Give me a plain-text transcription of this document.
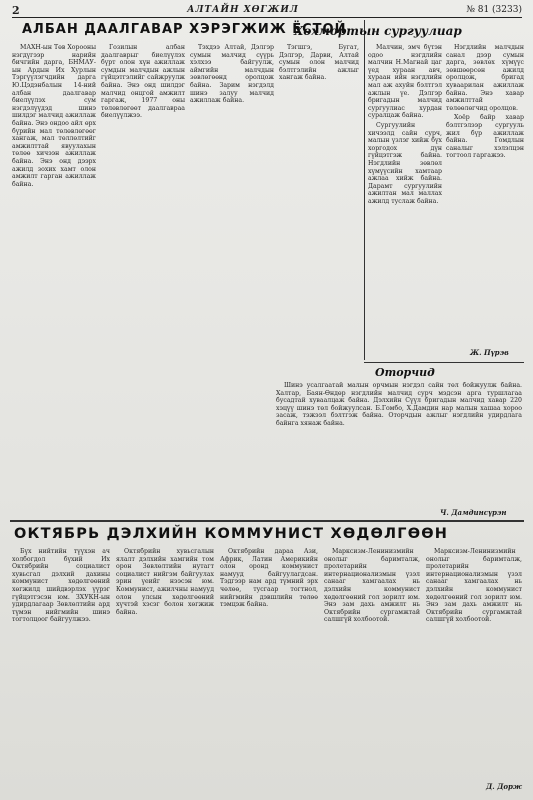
2	АЛТАЙН ХӨГЖИЛ	№ 81 (3233)
АЛБАН ДААЛГАВАР ХЭРЭГЖИЖ ЁСТОЙ

МАХН-ын Төв Хорооны нэгдүгээр нарийн бичгийн дарга, БНМАУ-ын Ардын Их Хурлын Тэргүүлэгчдийн дарга Ю.Цэдэнбалын 14-ний албан даалгавар биелүүлэх сум нэгдэлүүдэд шинэ шилдэг малчид ажиллаж байна. Энэ ондоо айл өрх бүрийн мал төлөвлөгөөг хангаж, мал төллөлтийг амжилттай явуулахын төлөө хичээн ажиллаж байна. Энэ онд дээрх ажилд зохих хамт олон амжилт гарган ажиллаж байна.

Гозилын албан даалгаврыг биелүүлэх бүрт олон хүн ажиллаж сумдын малчдын ажлын гүйцэтгэлийг сайжруулж байна. Энэ онд шилдэг малчид онцгой амжилт гаргаж, 1977 оны төлөвлөгөөт даалгавраа биелүүлжээ.

Тэхдээ Алтай, Дэлгэр сумын малчид сүүрь хэлхээ байгуулж, аймгийн малчдын зөвлөгөөнд оролцож байна. Зарим нэгдэлд шинэ залуу малчид ажиллаж байна.

Тэгшгэ, Бугат, Дэлгэр, Дарви, Алтай сумын олон малчид бэлтгэлийн ажлыг хангаж байна.

Хөхмортын сургуулиар

Малчин, эмч бүтэн одоо нэгдлийн малчин Н.Магнай цаг үед хураан авч, хураан ийн нэгдлийн мал аж ахуйн бэлтгэл ажлын үе. Дэлгэр бригадын малчид сургуулиас хурдан суралцаж байна.

Сургуулийн хичээлд сайн сурч, малын үзлэг хийж бүх хоргодох дүн гүйцэтгэж байна. Нэгдлийн зөвлөл хүмүүсийн хамтаар ажлаа хийж байна. Дарамт сургуулийн ажилтан мал маллах ажилд туслаж байна.

Нэгдлийн малчдын санал дээр сумын дарга, зөвлөх хүмүүс зөвшөөрсөн ажилд оролцож, бригад хуваарилан ажиллаж байна. Энэ хавар амжилттай төлөөлөгчид оролцов.

Хоёр байр хавар бэлтгэлээр сургууль жил бүр ажиллаж байна. Гомдлын саналыг хэлэлцэн тогтоол гаргажээ.

Ж. Пүрэв
Оторчид

Шинэ усалгаатай малын орчмын нэгдэл сайн төл бойжуулж байна. Халтар, Баян-Өндөр нэгдлийн малчид сурч мэдсэн арга туршлагаа бусадтай хуваалцаж байна. Дэлхийн Сүүл бригадын малчид хавар 220 хэцүү шинэ төл бойжуулсан. Б.Гомбо, Х.Дамдин нар малын хашаа хороо засаж, тэжээл бэлтгэж байна. Оторчдын ажлыг нэгдлийн удирдлага байнга хянаж байна.

Ч. Дамдинсүрэн
ОКТЯБРЬ ДЭЛХИЙН КОММУНИСТ ХӨДӨЛГӨӨН

Бүх нийтийн түүхэн ач холбогдол бүхий Их Октябрийн социалист хувьсгал дэлхий дахины коммунист хөдөлгөөний хөгжилд шийдвэрлэх үүрэг гүйцэтгэсэн юм. ЗХУКН-ын удирдлагаар Зөвлөлтийн ард түмэн нийгмийн шинэ тогтолцоог байгуулжээ.

Октябрийн хувьсгалын ялалт дэлхийн хамгийн том орон Зөвлөлтийн нутагт социалист нийгэм байгуулах эрин үеийг нээсэн юм. Коммунист, ажилчны намууд олон улсын хөдөлгөөний хүчтэй хэсэг болон хөгжиж байна.

Октябрийн дараа Ази, Африк, Латин Америкийн олон оронд коммунист намууд байгуулагдсан. Тэдгээр нам ард түмний эрх чөлөө, тусгаар тогтнол, нийгмийн дэвшлийн төлөө тэмцэж байна.

Марксизм-Ленинизмийн онолыг баримталж, пролетарийн интернационализмын үзэл санааг хамгаалах нь дэлхийн коммунист хөдөлгөөний гол зорилт юм. Энэ зам дахь амжилт нь Октябрийн сургамжтай салшгүй холбоотой.

Марксизм-Ленинизмийн онолыг баримталж, пролетарийн интернационализмын үзэл санааг хамгаалах нь дэлхийн коммунист хөдөлгөөний гол зорилт юм. Энэ зам дахь амжилт нь Октябрийн сургамжтай салшгүй холбоотой.

Д. Дорж
